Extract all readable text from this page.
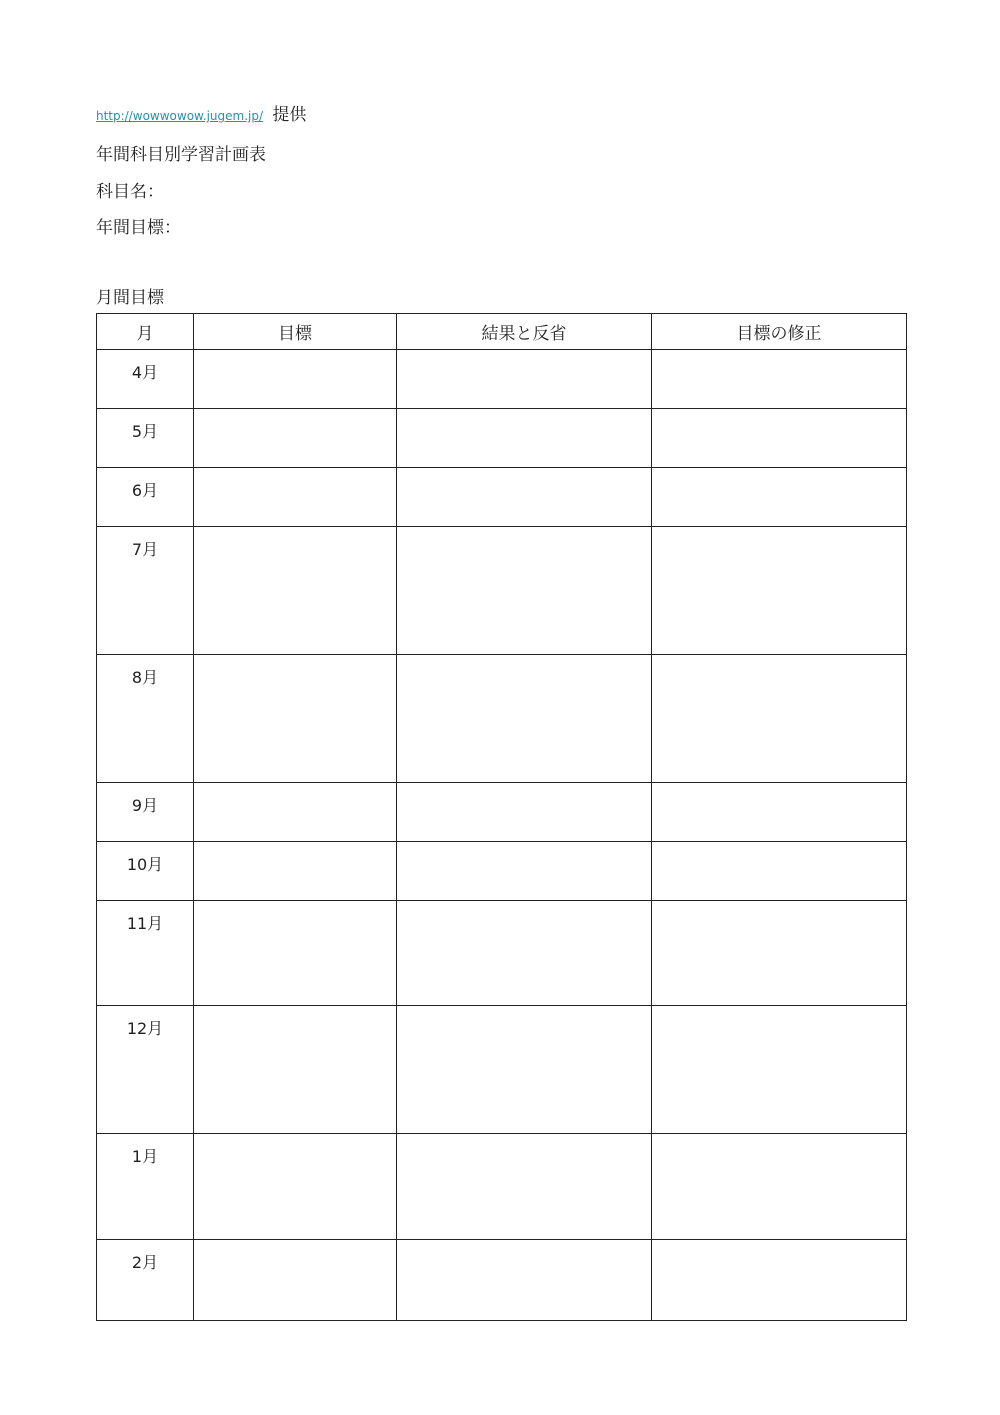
http://wowwowow.jugem.jp/ 提供
年間科目別学習計画表
科目名：
年間目標：
月間目標
月	目標	結果と反省	目標の修正
4月			
5月			
6月			
7月			
8月			
9月			
10月			
11月			
12月			
1月			
2月			
